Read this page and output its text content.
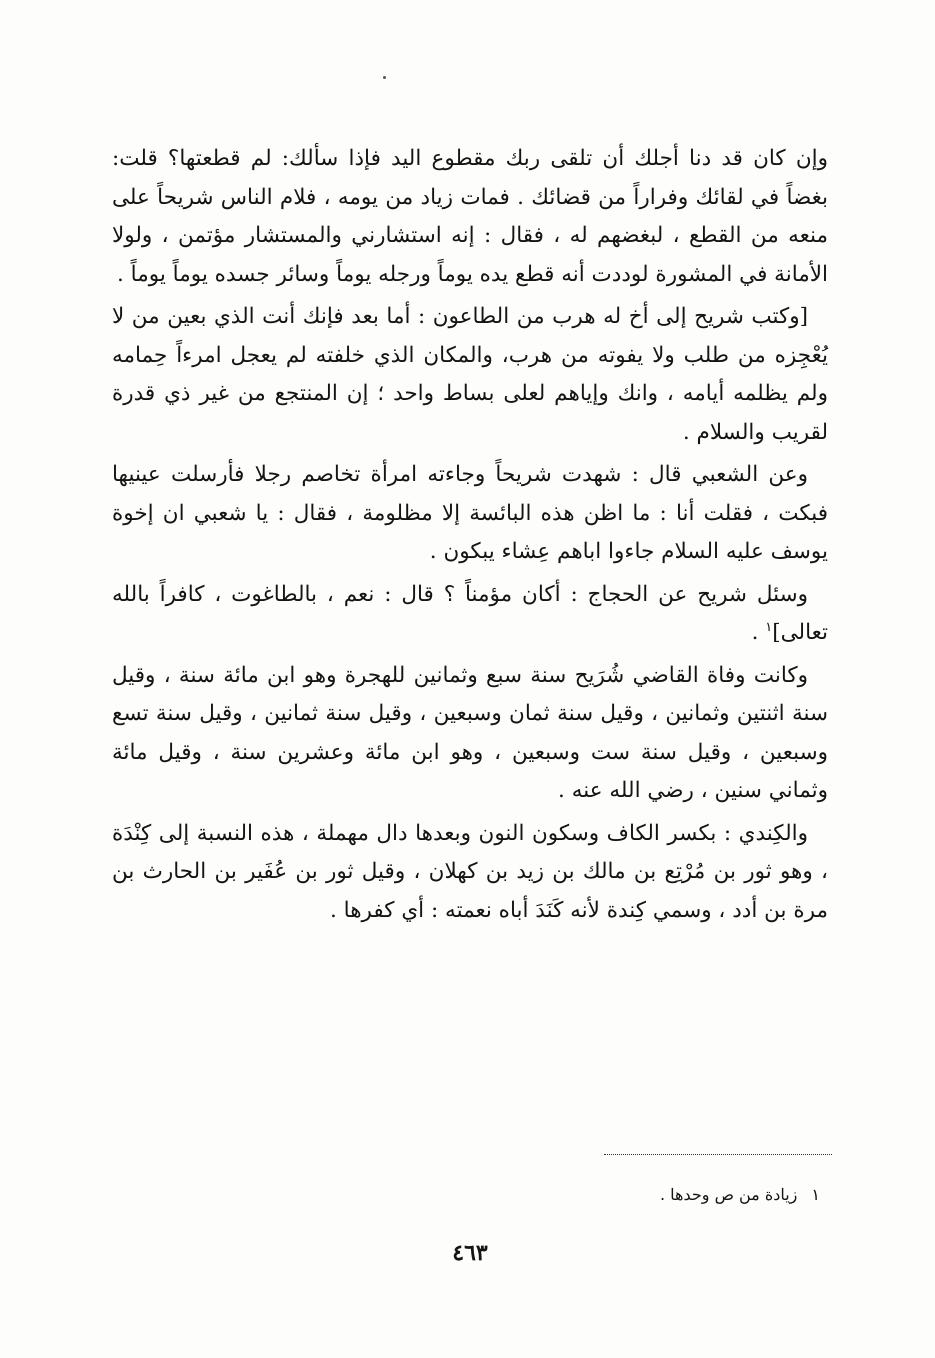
وإن كان قد دنا أجلك أن تلقى ربك مقطوع اليد فإذا سألك: لم قطعتها؟ قلت: بغضاً في لقائك وفراراً من قضائك . فمات زياد من يومه ، فلام الناس شريحاً على منعه من القطع ، لبغضهم له ، فقال : إنه استشارني والمستشار مؤتمن ، ولولا الأمانة في المشورة لوددت أنه قطع يده يوماً ورجله يوماً وسائر جسده يوماً يوماً .

[وكتب شريح إلى أخ له هرب من الطاعون : أما بعد فإنك أنت الذي بعين من لا يُعْجِزه من طلب ولا يفوته من هرب، والمكان الذي خلفته لم يعجل امرءاً حِمامه ولم يظلمه أيامه ، وانك وإياهم لعلى بساط واحد ؛ إن المنتجع من غير ذي قدرة لقريب والسلام .

وعن الشعبي قال : شهدت شريحاً وجاءته امرأة تخاصم رجلا فأرسلت عينيها فبكت ، فقلت أنا : ما اظن هذه البائسة إلا مظلومة ، فقال : يا شعبي ان إخوة يوسف عليه السلام جاءوا اباهم عِشاء يبكون .

وسئل شريح عن الحجاج : أكان مؤمناً ؟ قال : نعم ، بالطاغوت ، كافراً بالله تعالى]$^١$ .

وكانت وفاة القاضي شُرَيح سنة سبع وثمانين للهجرة وهو ابن مائة سنة ، وقيل سنة اثنتين وثمانين ، وقيل سنة ثمان وسبعين ، وقيل سنة ثمانين ، وقيل سنة تسع وسبعين ، وقيل سنة ست وسبعين ، وهو ابن مائة وعشرين سنة ، وقيل مائة وثماني سنين ، رضي الله عنه .

والكِندي : بكسر الكاف وسكون النون وبعدها دال مهملة ، هذه النسبة إلى كِنْدَة ، وهو ثور بن مُرْتِع بن مالك بن زيد بن كهلان ، وقيل ثور بن عُفَير بن الحارث بن مرة بن أدد ، وسمي كِندة لأنه كَنَدَ أباه نعمته : أي كفرها .

١زيادة من ص وحدها .
٤٦٣
